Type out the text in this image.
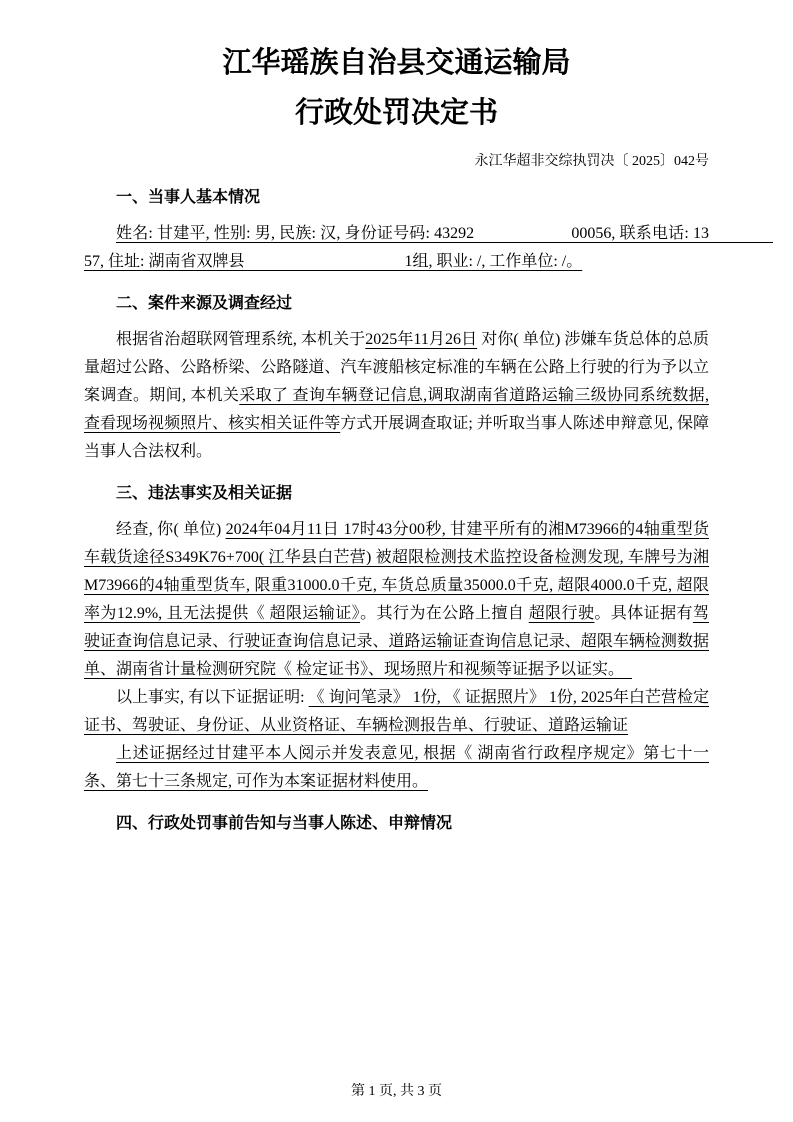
江华瑶族自治县交通运输局
行政处罚决定书
永江华超非交综执罚决〔 2025〕042号
一、当事人基本情况

姓名: 甘建平, 性别: 男, 民族: 汉, 身份证号码: 43292　　　　　　00056, 联系电话: 13　　　　57, 住址: 湖南省双牌县　　　　　　　　　　1组, 职业: /, 工作单位: /。

二、案件来源及调查经过

根据省治超联网管理系统, 本机关于2025年11月26日 对你( 单位) 涉嫌车货总体的总质量超过公路、公路桥梁、公路隧道、汽车渡船核定标准的车辆在公路上行驶的行为予以立案调查。期间, 本机关采取了 查询车辆登记信息,调取湖南省道路运输三级协同系统数据,查看现场视频照片、核实相关证件等方式开展调查取证; 并听取当事人陈述申辩意见, 保障当事人合法权利。

三、违法事实及相关证据

经查, 你( 单位) 2024年04月11日 17时43分00秒, 甘建平所有的湘M73966的4轴重型货车载货途径S349K76+700( 江华县白芒营) 被超限检测技术监控设备检测发现, 车牌号为湘M73966的4轴重型货车, 限重31000.0千克, 车货总质量35000.0千克, 超限4000.0千克, 超限率为12.9%, 且无法提供《 超限运输证》。其行为在公路上擅自 超限行驶。具体证据有驾驶证查询信息记录、行驶证查询信息记录、道路运输证查询信息记录、超限车辆检测数据单、湖南省计量检测研究院《 检定证书》、现场照片和视频等证据予以证实。　

以上事实, 有以下证据证明: 《 询问笔录》 1份, 《 证据照片》 1份, 2025年白芒营检定证书、驾驶证、身份证、从业资格证、车辆检测报告单、行驶证、道路运输证

上述证据经过甘建平本人阅示并发表意见, 根据《 湖南省行政程序规定》第七十一条、第七十三条规定, 可作为本案证据材料使用。

四、行政处罚事前告知与当事人陈述、申辩情况
第 1 页, 共 3 页
